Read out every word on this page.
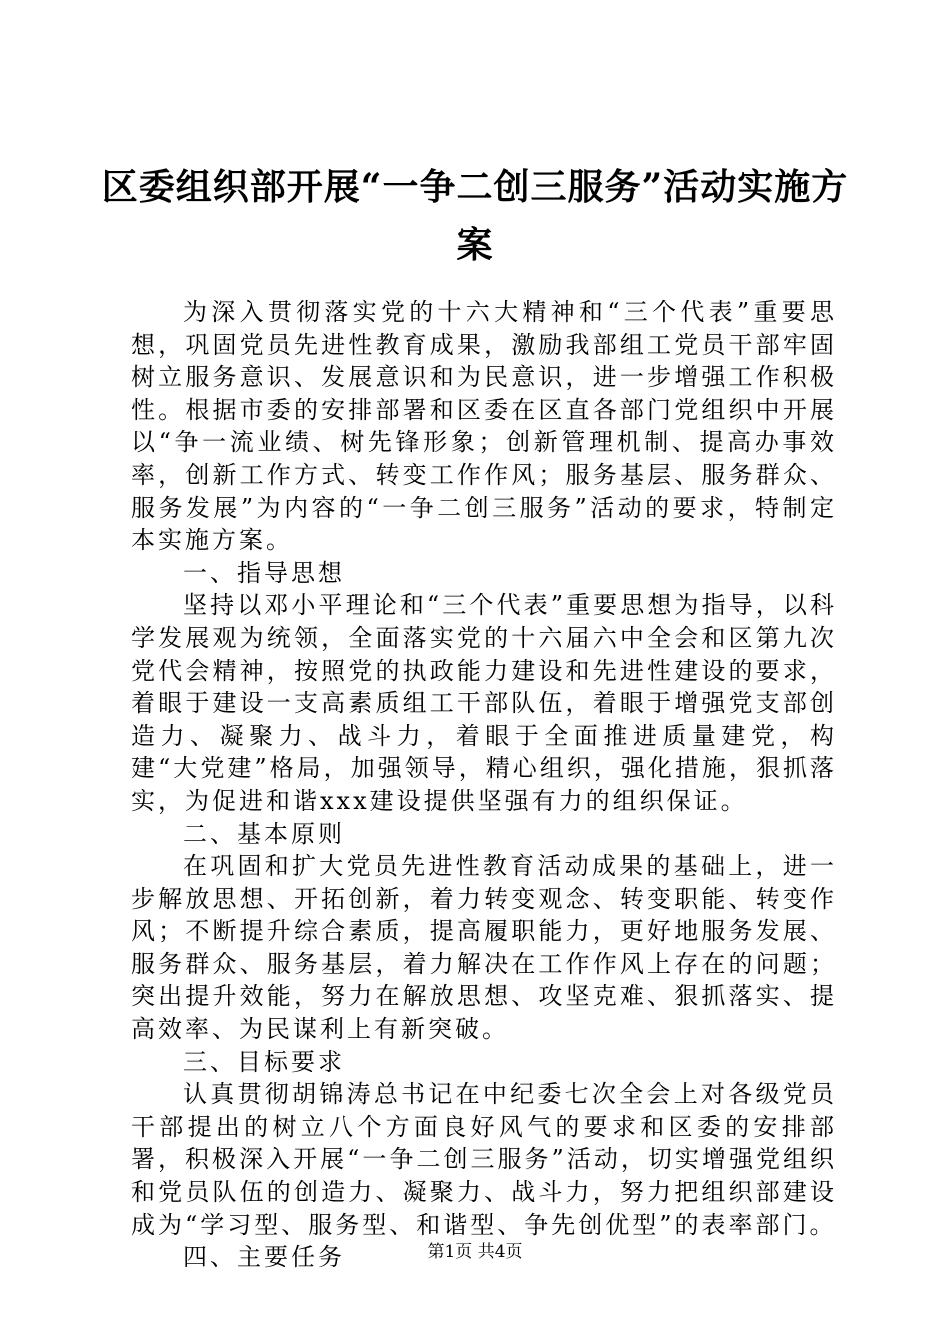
区委组织部开展“一争二创三服务”活动实施方案

为深入贯彻落实党的十六大精神和“三个代表”重要思想，巩固党员先进性教育成果，激励我部组工党员干部牢固树立服务意识、发展意识和为民意识，进一步增强工作积极性。根据市委的安排部署和区委在区直各部门党组织中开展以“争一流业绩、树先锋形象；创新管理机制、提高办事效率，创新工作方式、转变工作作风；服务基层、服务群众、服务发展”为内容的“一争二创三服务”活动的要求，特制定本实施方案。

一、指导思想

坚持以邓小平理论和“三个代表”重要思想为指导，以科学发展观为统领，全面落实党的十六届六中全会和区第九次党代会精神，按照党的执政能力建设和先进性建设的要求，着眼于建设一支高素质组工干部队伍，着眼于增强党支部创造力、凝聚力、战斗力，着眼于全面推进质量建党，构建“大党建”格局，加强领导，精心组织，强化措施，狠抓落实，为促进和谐xxx建设提供坚强有力的组织保证。

二、基本原则

在巩固和扩大党员先进性教育活动成果的基础上，进一步解放思想、开拓创新，着力转变观念、转变职能、转变作风；不断提升综合素质，提高履职能力，更好地服务发展、服务群众、服务基层，着力解决在工作作风上存在的问题；突出提升效能，努力在解放思想、攻坚克难、狠抓落实、提高效率、为民谋利上有新突破。

三、目标要求

认真贯彻胡锦涛总书记在中纪委七次全会上对各级党员干部提出的树立八个方面良好风气的要求和区委的安排部署，积极深入开展“一争二创三服务”活动，切实增强党组织和党员队伍的创造力、凝聚力、战斗力，努力把组织部建设成为“学习型、服务型、和谐型、争先创优型”的表率部门。

四、主要任务	第1页 共4页
